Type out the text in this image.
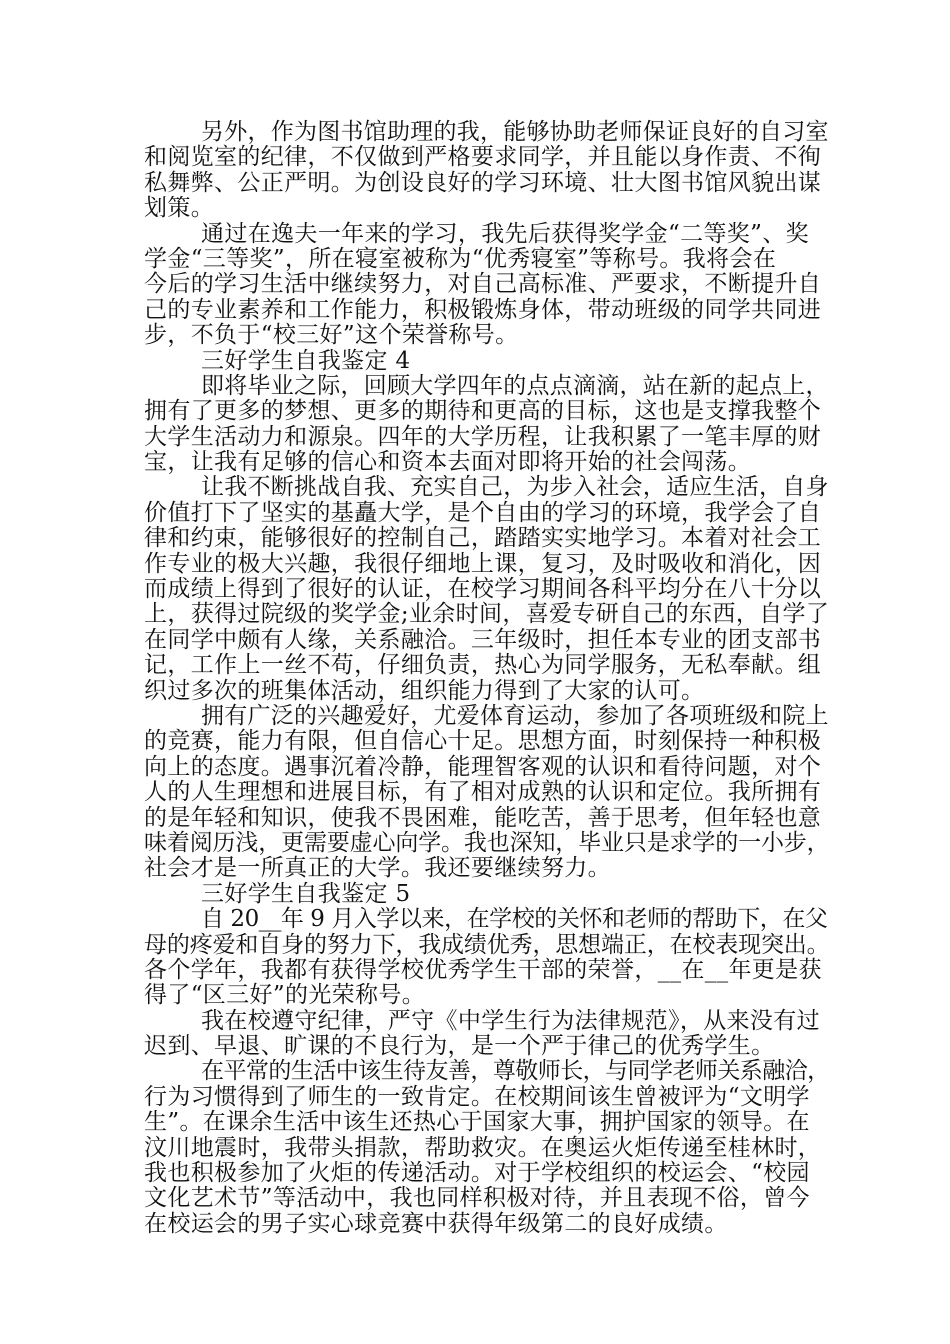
另外，作为图书馆助理的我，能够协助老师保证良好的自习室

和阅览室的纪律，不仅做到严格要求同学，并且能以身作责、不徇

私舞弊、公正严明。为创设良好的学习环境、壮大图书馆风貌出谋

划策。

通过在逸夫一年来的学习，我先后获得奖学金“二等奖”、奖

学金“三等奖”，所在寝室被称为“优秀寝室”等称号。我将会在

今后的学习生活中继续努力，对自己高标准、严要求，不断提升自

己的专业素养和工作能力，积极锻炼身体，带动班级的同学共同进

步，不负于“校三好”这个荣誉称号。

三好学生自我鉴定 4

即将毕业之际，回顾大学四年的点点滴滴，站在新的起点上，

拥有了更多的梦想、更多的期待和更高的目标，这也是支撑我整个

大学生活动力和源泉。四年的大学历程，让我积累了一笔丰厚的财

宝，让我有足够的信心和资本去面对即将开始的社会闯荡。

让我不断挑战自我、充实自己，为步入社会，适应生活，自身

价值打下了坚实的基矗大学，是个自由的学习的环境，我学会了自

律和约束，能够很好的控制自己，踏踏实实地学习。本着对社会工

作专业的极大兴趣，我很仔细地上课，复习，及时吸收和消化，因

而成绩上得到了很好的认证，在校学习期间各科平均分在八十分以

上，获得过院级的奖学金;业余时间，喜爱专研自己的东西，自学了

在同学中颇有人缘，关系融洽。三年级时，担任本专业的团支部书

记，工作上一丝不苟，仔细负责，热心为同学服务，无私奉献。组

织过多次的班集体活动，组织能力得到了大家的认可。

拥有广泛的兴趣爱好，尤爱体育运动，参加了各项班级和院上

的竞赛，能力有限，但自信心十足。思想方面，时刻保持一种积极

向上的态度。遇事沉着冷静，能理智客观的认识和看待问题，对个

人的人生理想和进展目标，有了相对成熟的认识和定位。我所拥有

的是年轻和知识，使我不畏困难，能吃苦，善于思考，但年轻也意

味着阅历浅，更需要虚心向学。我也深知，毕业只是求学的一小步，

社会才是一所真正的大学。我还要继续努力。

三好学生自我鉴定 5

自 20__年 9 月入学以来，在学校的关怀和老师的帮助下，在父

母的疼爱和自身的努力下，我成绩优秀，思想端正，在校表现突出。

各个学年，我都有获得学校优秀学生干部的荣誉，__在__年更是获

得了“区三好”的光荣称号。

我在校遵守纪律，严守《中学生行为法律规范》，从来没有过

迟到、早退、旷课的不良行为，是一个严于律己的优秀学生。

在平常的生活中该生待友善，尊敬师长，与同学老师关系融洽，

行为习惯得到了师生的一致肯定。在校期间该生曾被评为“文明学

生”。在课余生活中该生还热心于国家大事，拥护国家的领导。在

汶川地震时，我带头捐款，帮助救灾。在奥运火炬传递至桂林时，

我也积极参加了火炬的传递活动。对于学校组织的校运会、“校园

文化艺术节”等活动中，我也同样积极对待，并且表现不俗，曾今

在校运会的男子实心球竞赛中获得年级第二的良好成绩。
